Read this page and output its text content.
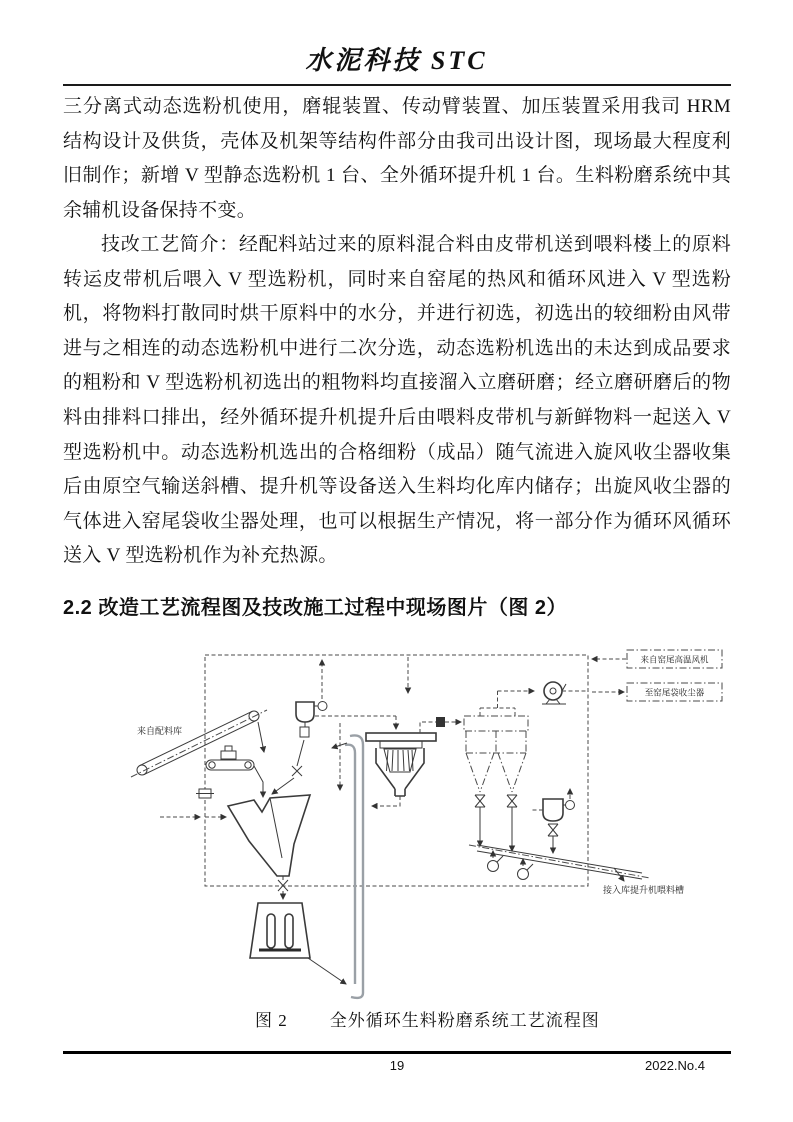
水泥科技 STC
三分离式动态选粉机使用，磨辊装置、传动臂装置、加压装置采用我司 HRM 结构设计及供货，壳体及机架等结构件部分由我司出设计图，现场最大程度利旧制作；新增 V 型静态选粉机 1 台、全外循环提升机 1 台。生料粉磨系统中其余辅机设备保持不变。
技改工艺简介：经配料站过来的原料混合料由皮带机送到喂料楼上的原料转运皮带机后喂入 V 型选粉机，同时来自窑尾的热风和循环风进入 V 型选粉机，将物料打散同时烘干原料中的水分，并进行初选，初选出的较细粉由风带进与之相连的动态选粉机中进行二次分选，动态选粉机选出的未达到成品要求的粗粉和 V 型选粉机初选出的粗物料均直接溜入立磨研磨；经立磨研磨后的物料由排料口排出，经外循环提升机提升后由喂料皮带机与新鲜物料一起送入 V 型选粉机中。动态选粉机选出的合格细粉（成品）随气流进入旋风收尘器收集后由原空气输送斜槽、提升机等设备送入生料均化库内储存；出旋风收尘器的气体进入窑尾袋收尘器处理，也可以根据生产情况，将一部分作为循环风循环送入 V 型选粉机作为补充热源。
2.2 改造工艺流程图及技改施工过程中现场图片（图 2）
来自窑尾高温风机
至窑尾袋收尘器
来自配料库
接入库提升机喂料槽
图 2 全外循环生料粉磨系统工艺流程图
19	2022.No.4
